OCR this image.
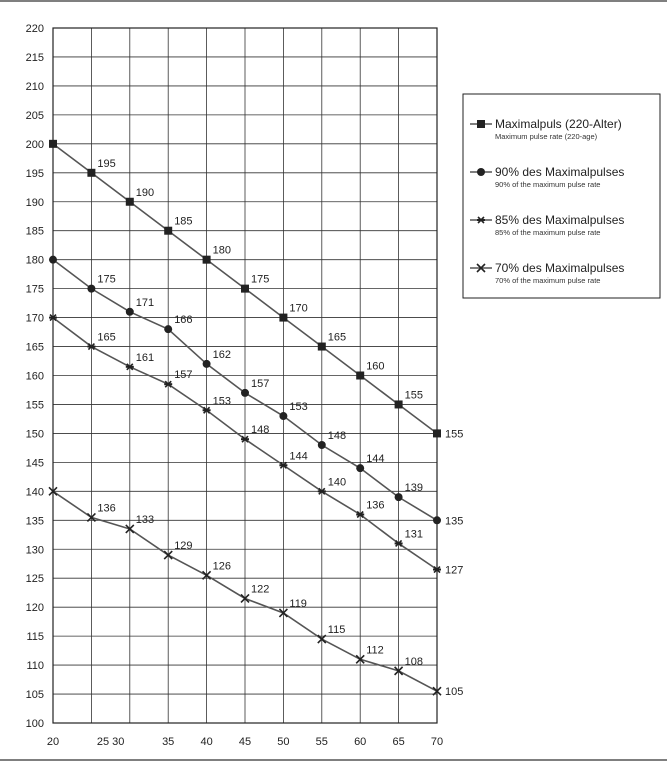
100
105
110
115
120
125
130
135
140
145
150
155
160
165
170
175
180
185
190
195
200
205
210
215
220
20	25 30	35 40 45 50 55 60 65 70
195
190
185
180
175
170
165
160
155
155
175
171
166
162
157
153
148
144
139
135
165
161
157
153
148
144
140
136
131
127
136
133
129
126
122
119
115
112
108
105
Maximalpuls (220-Alter)
Maximum pulse rate (220-age)
90% des Maximalpulses
90% of the maximum pulse rate
85% des Maximalpulses
85% of the maximum pulse rate
70% des Maximalpulses
70% of the maximum pulse rate
